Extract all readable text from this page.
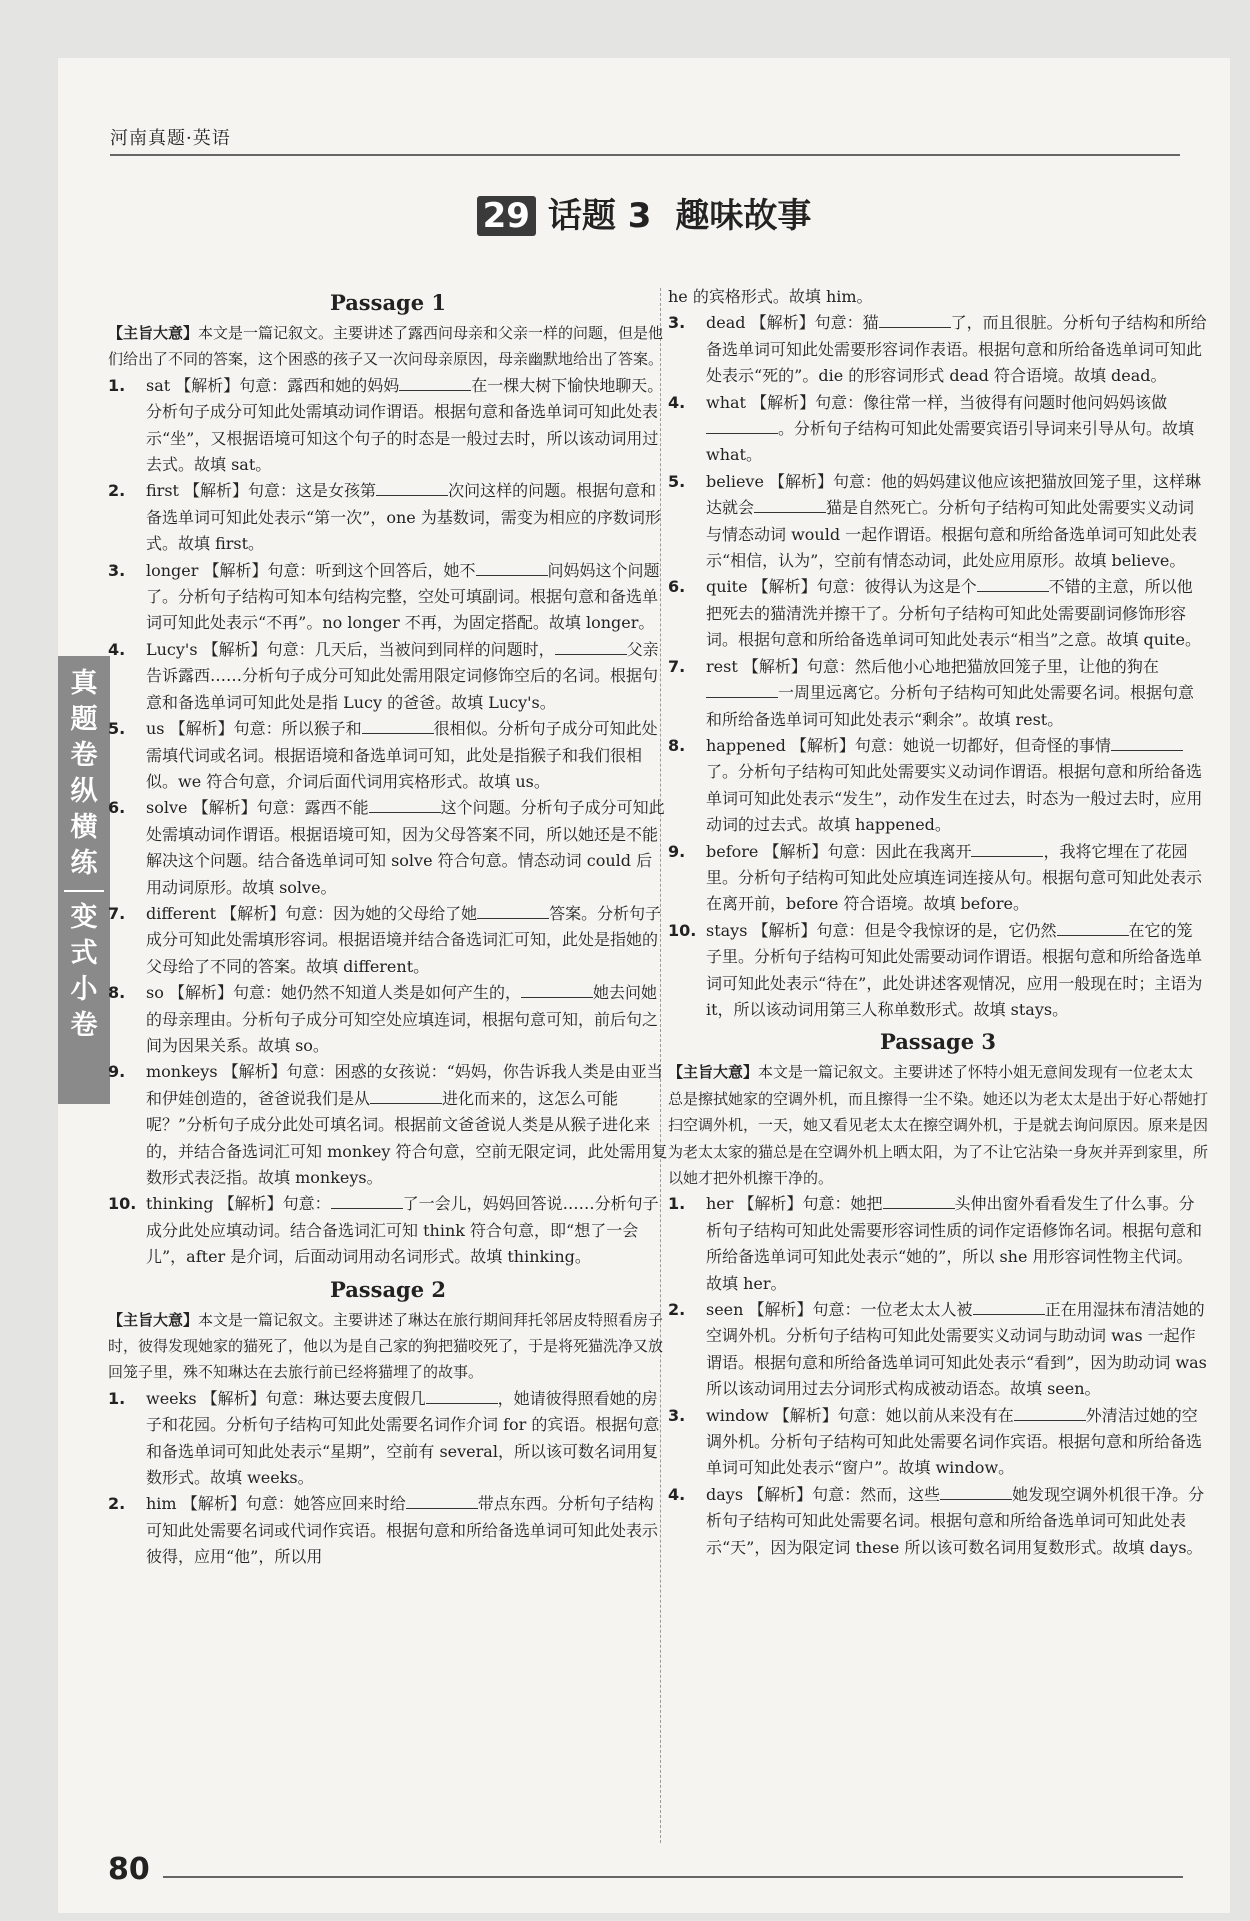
河南真题·英语
29 话题 3 趣味故事
真
题
卷
纵
横
练
变
式
小
卷
Passage 1
【主旨大意】本文是一篇记叙文。主要讲述了露西问母亲和父亲一样的问题，但是他们给出了不同的答案，这个困惑的孩子又一次问母亲原因，母亲幽默地给出了答案。
1. sat 【解析】句意：露西和她的妈妈	在一棵大树下愉快地聊天。分析句子成分可知此处需填动词作谓语。根据句意和备选单词可知此处表示“坐”，又根据语境可知这个句子的时态是一般过去时，所以该动词用过去式。故填 sat。
2. first 【解析】句意：这是女孩第	次问这样的问题。根据句意和备选单词可知此处表示“第一次”，one 为基数词，需变为相应的序数词形式。故填 first。
3. longer 【解析】句意：听到这个回答后，她不	问妈妈这个问题了。分析句子结构可知本句结构完整，空处可填副词。根据句意和备选单词可知此处表示“不再”。no longer 不再，为固定搭配。故填 longer。
4. Lucy's 【解析】句意：几天后，当被问到同样的问题时，	父亲告诉露西……分析句子成分可知此处需用限定词修饰空后的名词。根据句意和备选单词可知此处是指 Lucy 的爸爸。故填 Lucy's。
5. us 【解析】句意：所以猴子和	很相似。分析句子成分可知此处需填代词或名词。根据语境和备选单词可知，此处是指猴子和我们很相似。we 符合句意，介词后面代词用宾格形式。故填 us。
6. solve 【解析】句意：露西不能	这个问题。分析句子成分可知此处需填动词作谓语。根据语境可知，因为父母答案不同，所以她还是不能解决这个问题。结合备选单词可知 solve 符合句意。情态动词 could 后用动词原形。故填 solve。
7. different 【解析】句意：因为她的父母给了她	答案。分析句子成分可知此处需填形容词。根据语境并结合备选词汇可知，此处是指她的父母给了不同的答案。故填 different。
8. so 【解析】句意：她仍然不知道人类是如何产生的，	她去问她的母亲理由。分析句子成分可知空处应填连词，根据句意可知，前后句之间为因果关系。故填 so。
9. monkeys 【解析】句意：困惑的女孩说：“妈妈，你告诉我人类是由亚当和伊娃创造的，爸爸说我们是从	进化而来的，这怎么可能呢？”分析句子成分此处可填名词。根据前文爸爸说人类是从猴子进化来的，并结合备选词汇可知 monkey 符合句意，空前无限定词，此处需用复数形式表泛指。故填 monkeys。
10. thinking 【解析】句意：	了一会儿，妈妈回答说……分析句子成分此处应填动词。结合备选词汇可知 think 符合句意，即“想了一会儿”，after 是介词，后面动词用动名词形式。故填 thinking。
Passage 2
【主旨大意】本文是一篇记叙文。主要讲述了琳达在旅行期间拜托邻居皮特照看房子时，彼得发现她家的猫死了，他以为是自己家的狗把猫咬死了，于是将死猫洗净又放回笼子里，殊不知琳达在去旅行前已经将猫埋了的故事。
1. weeks 【解析】句意：琳达要去度假几	，她请彼得照看她的房子和花园。分析句子结构可知此处需要名词作介词 for 的宾语。根据句意和备选单词可知此处表示“星期”，空前有 several，所以该可数名词用复数形式。故填 weeks。
2. him 【解析】句意：她答应回来时给	带点东西。分析句子结构可知此处需要名词或代词作宾语。根据句意和所给备选单词可知此处表示彼得，应用“他”，所以用
he 的宾格形式。故填 him。
3. dead 【解析】句意：猫	了，而且很脏。分析句子结构和所给备选单词可知此处需要形容词作表语。根据句意和所给备选单词可知此处表示“死的”。die 的形容词形式 dead 符合语境。故填 dead。
4. what 【解析】句意：像往常一样，当彼得有问题时他问妈妈该做。分析句子结构可知此处需要宾语引导词来引导从句。故填 what。
5. believe 【解析】句意：他的妈妈建议他应该把猫放回笼子里，这样琳达就会	猫是自然死亡。分析句子结构可知此处需要实义动词与情态动词 would 一起作谓语。根据句意和所给备选单词可知此处表示“相信，认为”，空前有情态动词，此处应用原形。故填 believe。
6. quite 【解析】句意：彼得认为这是个	不错的主意，所以他把死去的猫清洗并擦干了。分析句子结构可知此处需要副词修饰形容词。根据句意和所给备选单词可知此处表示“相当”之意。故填 quite。
7. rest 【解析】句意：然后他小心地把猫放回笼子里，让他的狗在一周里远离它。分析句子结构可知此处需要名词。根据句意和所给备选单词可知此处表示“剩余”。故填 rest。
8. happened 【解析】句意：她说一切都好，但奇怪的事情了。分析句子结构可知此处需要实义动词作谓语。根据句意和所给备选单词可知此处表示“发生”，动作发生在过去，时态为一般过去时，应用动词的过去式。故填 happened。
9. before 【解析】句意：因此在我离开	，我将它埋在了花园里。分析句子结构可知此处应填连词连接从句。根据句意可知此处表示在离开前，before 符合语境。故填 before。
10. stays 【解析】句意：但是令我惊讶的是，它仍然	在它的笼子里。分析句子结构可知此处需要动词作谓语。根据句意和所给备选单词可知此处表示“待在”，此处讲述客观情况，应用一般现在时；主语为 it，所以该动词用第三人称单数形式。故填 stays。
Passage 3
【主旨大意】本文是一篇记叙文。主要讲述了怀特小姐无意间发现有一位老太太总是擦拭她家的空调外机，而且擦得一尘不染。她还以为老太太是出于好心帮她打扫空调外机，一天，她又看见老太太在擦空调外机，于是就去询问原因。原来是因为老太太家的猫总是在空调外机上晒太阳，为了不让它沾染一身灰并弄到家里，所以她才把外机擦干净的。
1. her 【解析】句意：她把	头伸出窗外看看发生了什么事。分析句子结构可知此处需要形容词性质的词作定语修饰名词。根据句意和所给备选单词可知此处表示“她的”，所以 she 用形容词性物主代词。故填 her。
2. seen 【解析】句意：一位老太太人被	正在用湿抹布清洁她的空调外机。分析句子结构可知此处需要实义动词与助动词 was 一起作谓语。根据句意和所给备选单词可知此处表示“看到”，因为助动词 was 所以该动词用过去分词形式构成被动语态。故填 seen。
3. window 【解析】句意：她以前从来没有在	外清洁过她的空调外机。分析句子结构可知此处需要名词作宾语。根据句意和所给备选单词可知此处表示“窗户”。故填 window。
4. days 【解析】句意：然而，这些	她发现空调外机很干净。分析句子结构可知此处需要名词。根据句意和所给备选单词可知此处表示“天”，因为限定词 these 所以该可数名词用复数形式。故填 days。
80
